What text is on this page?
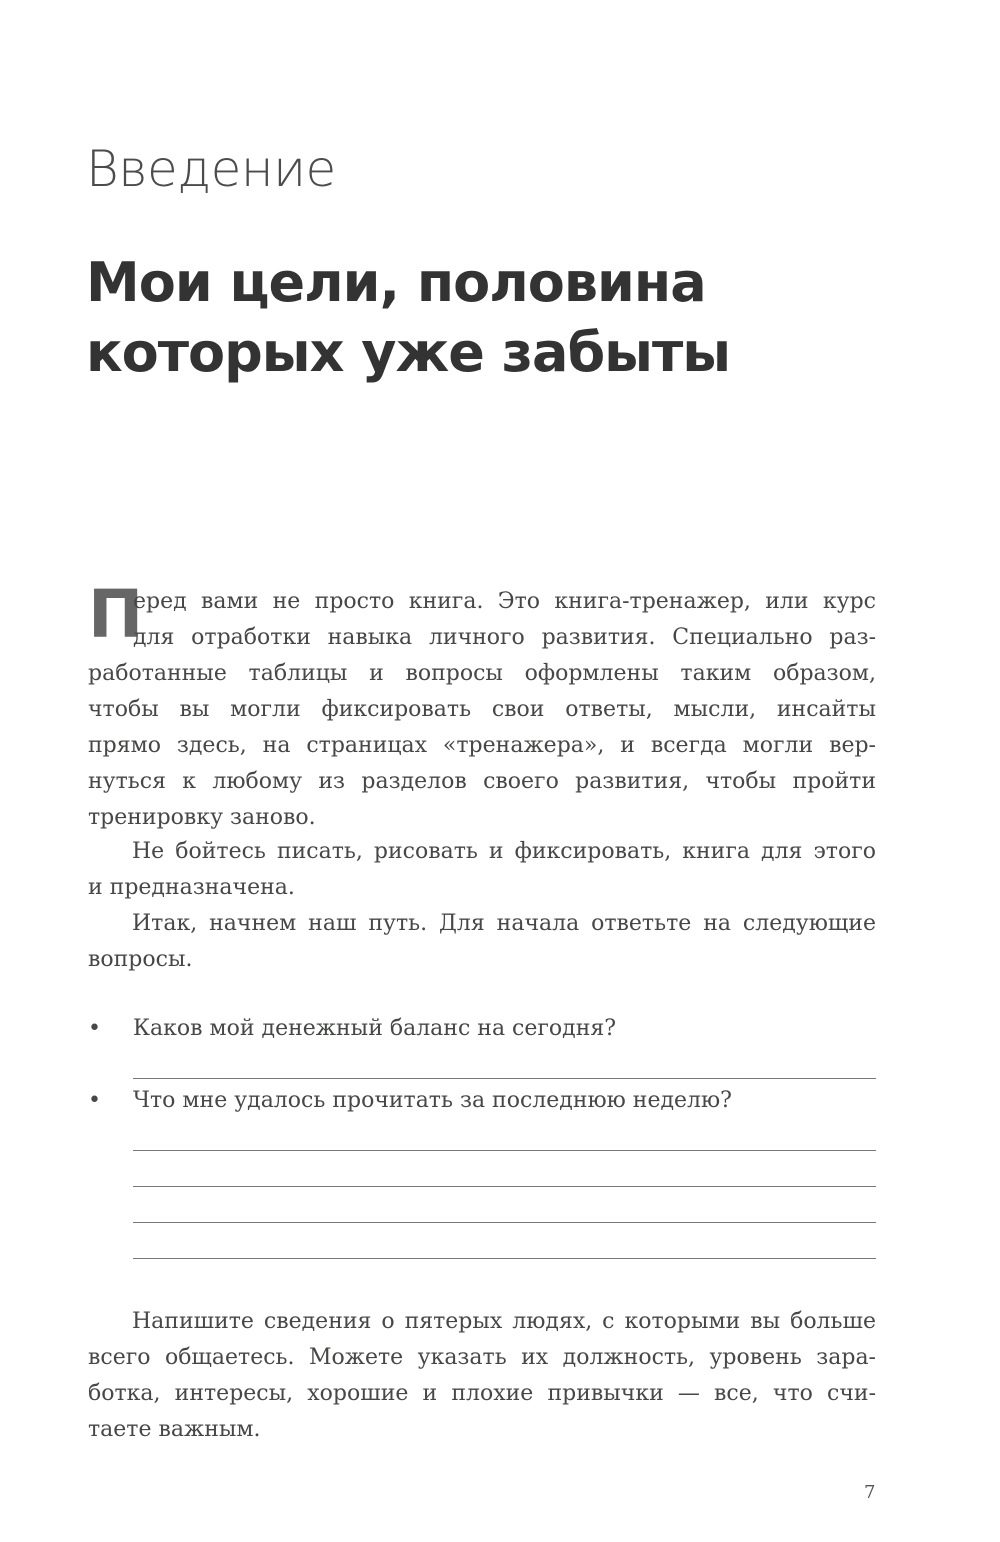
Введение
Мои цели, половина
которых уже забыты
П
еред вами не просто книга. Это книга-тренажер, или курс
для отработки навыка личного развития. Специально раз-
работанные таблицы и вопросы оформлены таким образом,
чтобы вы могли фиксировать свои ответы, мысли, инсайты
прямо здесь, на страницах «тренажера», и всегда могли вер-
нуться к любому из разделов своего развития, чтобы пройти
тренировку заново.
Не бойтесь писать, рисовать и фиксировать, книга для этого
и предназначена.
Итак, начнем наш путь. Для начала ответьте на следующие
вопросы.
• Каков мой денежный баланс на сегодня?
• Что мне удалось прочитать за последнюю неделю?
Напишите сведения о пятерых людях, с которыми вы больше
всего общаетесь. Можете указать их должность, уровень зара-
ботка, интересы, хорошие и плохие привычки — все, что счи-
таете важным.
7
